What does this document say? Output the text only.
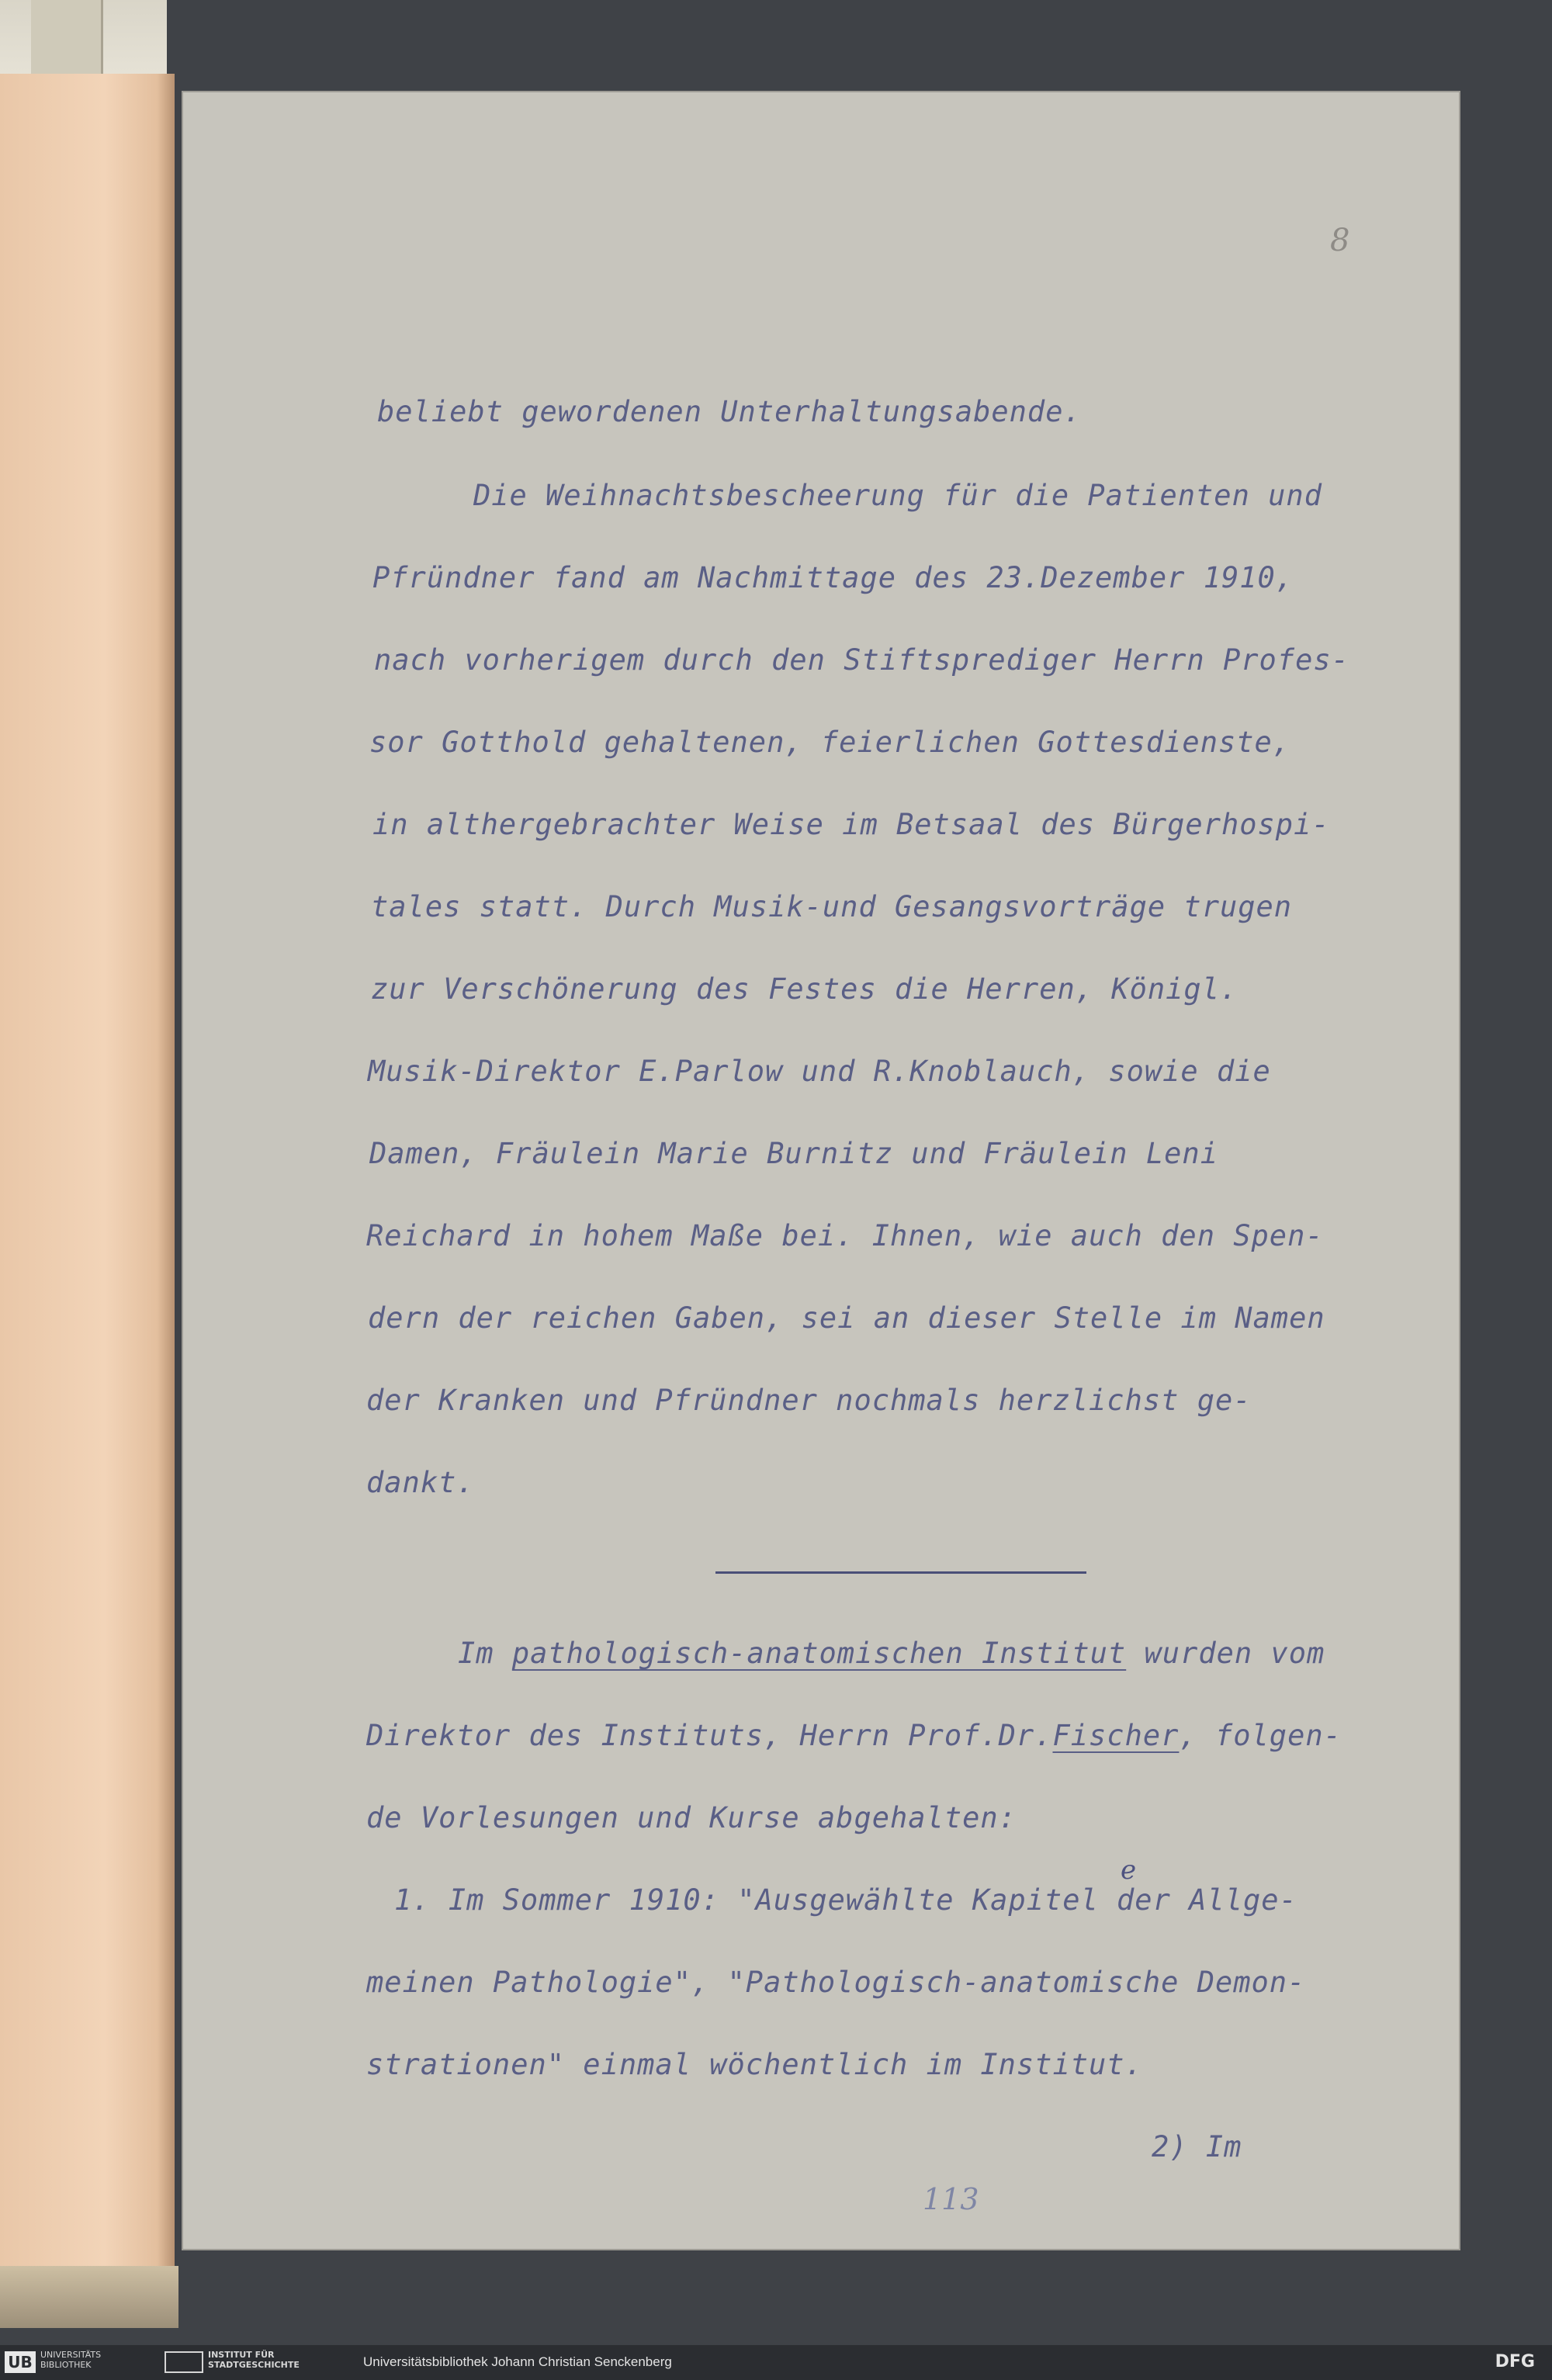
8
beliebt gewordenen Unterhaltungsabende.
Die Weihnachtsbescheerung für die Patienten und
Pfründner fand am Nachmittage des 23.Dezember 1910,
nach vorherigem durch den Stiftsprediger Herrn Profes-
sor Gotthold gehaltenen, feierlichen Gottesdienste,
in althergebrachter Weise im Betsaal des Bürgerhospi-
tales statt. Durch Musik-und Gesangsvorträge trugen
zur Verschönerung des Festes die Herren, Königl.
Musik-Direktor E.Parlow und R.Knoblauch, sowie die
Damen, Fräulein Marie Burnitz und Fräulein Leni
Reichard in hohem Maße bei. Ihnen, wie auch den Spen-
dern der reichen Gaben, sei an dieser Stelle im Namen
der Kranken und Pfründner nochmals herzlichst ge-
dankt.
Im pathologisch-anatomischen Institut wurden vom
Direktor des Instituts, Herrn Prof.Dr.Fischer, folgen-
de Vorlesungen und Kurse abgehalten:
e
1. Im Sommer 1910: "Ausgewählte Kapitel der Allge-
meinen Pathologie", "Pathologisch-anatomische Demon-
strationen" einmal wöchentlich im Institut.
2) Im
113
UB UNIVERSITÄTS
BIBLIOTHEK
INSTITUT FÜR
STADTGESCHICHTE	Universitätsbibliothek Johann Christian Senckenberg	DFG
